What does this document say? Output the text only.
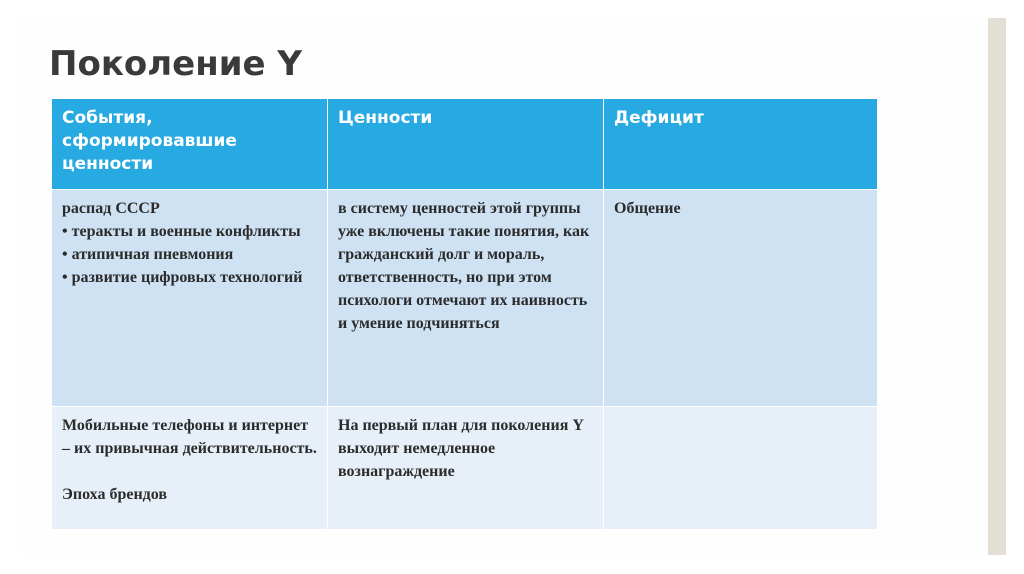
Поколение Y
События, сформировавшие ценности	Ценности	Дефицит

распад СССР
• теракты и военные конфликты
• атипичная пневмония
• развитие цифровых технологий	в систему ценностей этой группы уже включены такие понятия, как гражданский долг и мораль, ответственность, но при этом психологи отмечают их наивность и умение подчиняться	Общение

Мобильные телефоны и интернет – их привычная действительность.
Эпоха брендов	На первый план для поколения Y выходит немедленное вознаграждение	
